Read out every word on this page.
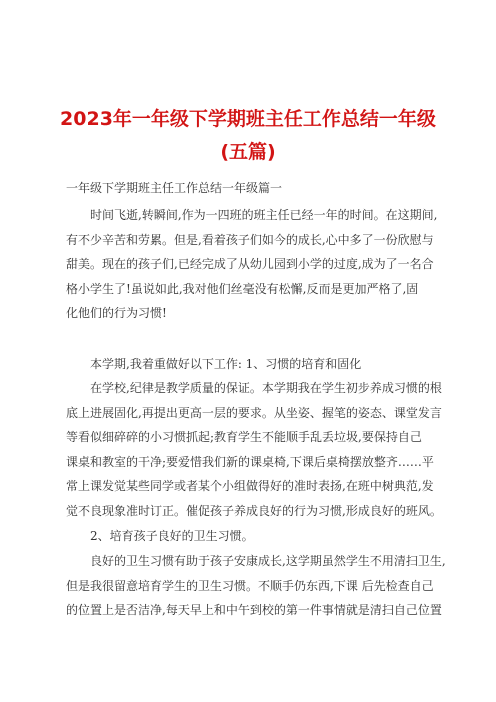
2023年一年级下学期班主任工作总结一年级
(五篇)
一年级下学期班主任工作总结一年级篇一
时间飞逝,转瞬间,作为一四班的班主任已经一年的时间。在这期间,
有不少辛苦和劳累。但是,看着孩子们如今的成长,心中多了一份欣慰与
甜美。现在的孩子们,已经完成了从幼儿园到小学的过度,成为了一名合
格小学生了!虽说如此,我对他们丝毫没有松懈,反而是更加严格了,固
化他们的行为习惯!
本学期,我着重做好以下工作: 1、习惯的培育和固化
在学校,纪律是教学质量的保证。本学期我在学生初步养成习惯的根
底上进展固化,再提出更高一层的要求。从坐姿、握笔的姿态、课堂发言
等看似细碎碎的小习惯抓起;教育学生不能顺手乱丢垃圾,要保持自己
课桌和教室的干净;要爱惜我们新的课桌椅,下课后桌椅摆放整齐……平
常上课发觉某些同学或者某个小组做得好的准时表扬,在班中树典范,发
觉不良现象准时订正。催促孩子养成良好的行为习惯,形成良好的班风。
2、培育孩子良好的卫生习惯。
良好的卫生习惯有助于孩子安康成长,这学期虽然学生不用清扫卫生,
但是我很留意培育学生的卫生习惯。不顺手仍东西,下课 后先检查自己
的位置上是否洁净,每天早上和中午到校的第一件事情就是清扫自己位置
